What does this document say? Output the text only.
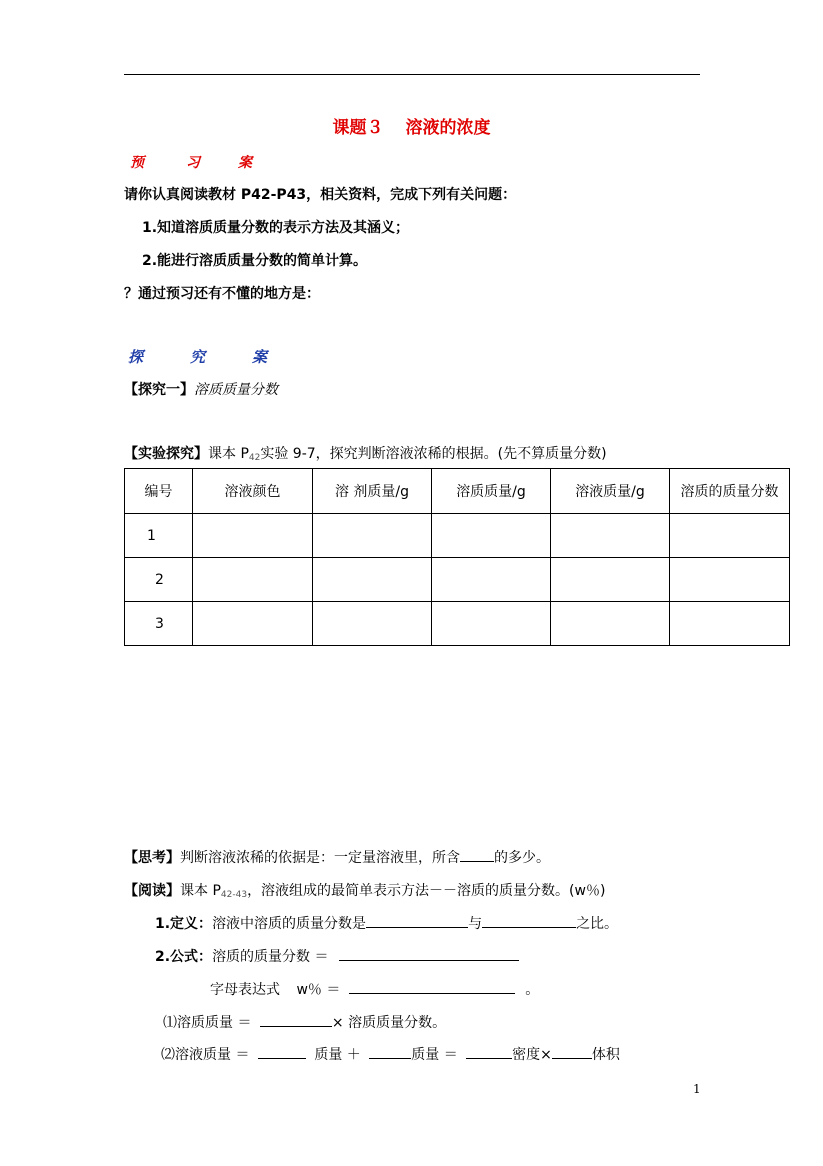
课题３ 溶液的浓度
预	习	案
请你认真阅读教材 P42-P43，相关资料，完成下列有关问题：
1.知道溶质质量分数的表示方法及其涵义；
2.能进行溶质质量分数的简单计算。
？通过预习还有不懂的地方是：
探	究	案
【探究一】溶质质量分数
【实验探究】课本 $P_{42}$实验 9-7，探究判断溶液浓稀的根据。(先不算质量分数)
编号	溶液颜色	溶 剂质量/g	溶质质量/g	溶液质量/g	溶质的质量分数
1					
2					
3					
【思考】判断溶液浓稀的依据是：一定量溶液里，所含 的多少。
【阅读】课本 $P_{42-43}$，溶液组成的最简单表示方法－－溶质的质量分数。(w％)
1.定义：溶液中溶质的质量分数是	与	之比。
2.公式：溶质的质量分数 ＝
字母表达式 w％ ＝	。
⑴溶质质量 ＝	× 溶质质量分数。
⑵溶液质量 ＝	质量 ＋	质量 ＝	密度×	体积
1
